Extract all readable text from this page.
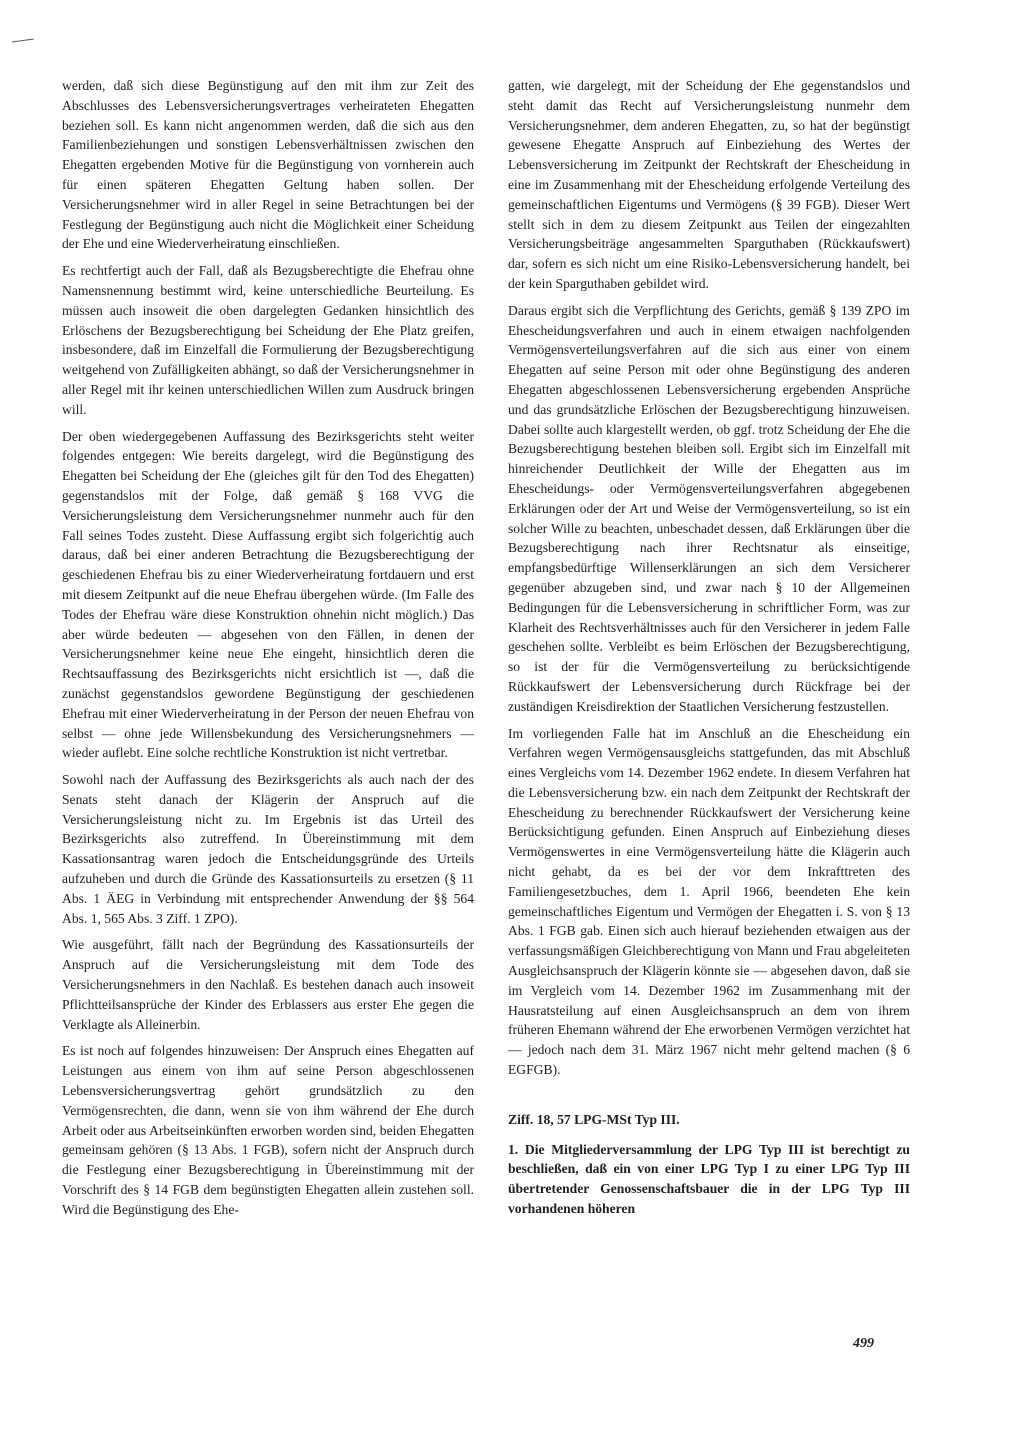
werden, daß sich diese Begünstigung auf den mit ihm zur Zeit des Abschlusses des Lebensversicherungsvertrages verheirateten Ehegatten beziehen soll. Es kann nicht angenommen werden, daß die sich aus den Familienbeziehungen und sonstigen Lebensverhältnissen zwischen den Ehegatten ergebenden Motive für die Begünstigung von vornherein auch für einen späteren Ehegatten Geltung haben sollen. Der Versicherungsnehmer wird in aller Regel in seine Betrachtungen bei der Festlegung der Begünstigung auch nicht die Möglichkeit einer Scheidung der Ehe und eine Wiederverheiratung einschließen.

Es rechtfertigt auch der Fall, daß als Bezugsberechtigte die Ehefrau ohne Namensnennung bestimmt wird, keine unterschiedliche Beurteilung. Es müssen auch insoweit die oben dargelegten Gedanken hinsichtlich des Erlöschens der Bezugsberechtigung bei Scheidung der Ehe Platz greifen, insbesondere, daß im Einzelfall die Formulierung der Bezugsberechtigung weitgehend von Zufälligkeiten abhängt, so daß der Versicherungsnehmer in aller Regel mit ihr keinen unterschiedlichen Willen zum Ausdruck bringen will.

Der oben wiedergegebenen Auffassung des Bezirksgerichts steht weiter folgendes entgegen: Wie bereits dargelegt, wird die Begünstigung des Ehegatten bei Scheidung der Ehe (gleiches gilt für den Tod des Ehegatten) gegenstandslos mit der Folge, daß gemäß § 168 VVG die Versicherungsleistung dem Versicherungsnehmer nunmehr auch für den Fall seines Todes zusteht. Diese Auffassung ergibt sich folgerichtig auch daraus, daß bei einer anderen Betrachtung die Bezugsberechtigung der geschiedenen Ehefrau bis zu einer Wiederverheiratung fortdauern und erst mit diesem Zeitpunkt auf die neue Ehefrau übergehen würde. (Im Falle des Todes der Ehefrau wäre diese Konstruktion ohnehin nicht möglich.) Das aber würde bedeuten — abgesehen von den Fällen, in denen der Versicherungsnehmer keine neue Ehe eingeht, hinsichtlich deren die Rechtsauffassung des Bezirksgerichts nicht ersichtlich ist —, daß die zunächst gegenstandslos gewordene Begünstigung der geschiedenen Ehefrau mit einer Wiederverheiratung in der Person der neuen Ehefrau von selbst — ohne jede Willensbekundung des Versicherungsnehmers — wieder auflebt. Eine solche rechtliche Konstruktion ist nicht vertretbar.

Sowohl nach der Auffassung des Bezirksgerichts als auch nach der des Senats steht danach der Klägerin der Anspruch auf die Versicherungsleistung nicht zu. Im Ergebnis ist das Urteil des Bezirksgerichts also zutreffend. In Übereinstimmung mit dem Kassationsantrag waren jedoch die Entscheidungsgründe des Urteils aufzuheben und durch die Gründe des Kassationsurteils zu ersetzen (§ 11 Abs. 1 ÄEG in Verbindung mit entsprechender Anwendung der §§ 564 Abs. 1, 565 Abs. 3 Ziff. 1 ZPO).

Wie ausgeführt, fällt nach der Begründung des Kassationsurteils der Anspruch auf die Versicherungsleistung mit dem Tode des Versicherungsnehmers in den Nachlaß. Es bestehen danach auch insoweit Pflichtteilsansprüche der Kinder des Erblassers aus erster Ehe gegen die Verklagte als Alleinerbin.

Es ist noch auf folgendes hinzuweisen: Der Anspruch eines Ehegatten auf Leistungen aus einem von ihm auf seine Person abgeschlossenen Lebensversicherungsvertrag gehört grundsätzlich zu den Vermögensrechten, die dann, wenn sie von ihm während der Ehe durch Arbeit oder aus Arbeitseinkünften erworben worden sind, beiden Ehegatten gemeinsam gehören (§ 13 Abs. 1 FGB), sofern nicht der Anspruch durch die Festlegung einer Bezugsberechtigung in Übereinstimmung mit der Vorschrift des § 14 FGB dem begünstigten Ehegatten allein zustehen soll. Wird die Begünstigung des Ehe-

gatten, wie dargelegt, mit der Scheidung der Ehe gegenstandslos und steht damit das Recht auf Versicherungsleistung nunmehr dem Versicherungsnehmer, dem anderen Ehegatten, zu, so hat der begünstigt gewesene Ehegatte Anspruch auf Einbeziehung des Wertes der Lebensversicherung im Zeitpunkt der Rechtskraft der Ehescheidung in eine im Zusammenhang mit der Ehescheidung erfolgende Verteilung des gemeinschaftlichen Eigentums und Vermögens (§ 39 FGB). Dieser Wert stellt sich in dem zu diesem Zeitpunkt aus Teilen der eingezahlten Versicherungsbeiträge angesammelten Sparguthaben (Rückkaufswert) dar, sofern es sich nicht um eine Risiko-Lebensversicherung handelt, bei der kein Sparguthaben gebildet wird.

Daraus ergibt sich die Verpflichtung des Gerichts, gemäß § 139 ZPO im Ehescheidungsverfahren und auch in einem etwaigen nachfolgenden Vermögensverteilungsverfahren auf die sich aus einer von einem Ehegatten auf seine Person mit oder ohne Begünstigung des anderen Ehegatten abgeschlossenen Lebensversicherung ergebenden Ansprüche und das grundsätzliche Erlöschen der Bezugsberechtigung hinzuweisen. Dabei sollte auch klargestellt werden, ob ggf. trotz Scheidung der Ehe die Bezugsberechtigung bestehen bleiben soll. Ergibt sich im Einzelfall mit hinreichender Deutlichkeit der Wille der Ehegatten aus im Ehescheidungs- oder Vermögensverteilungsverfahren abgegebenen Erklärungen oder der Art und Weise der Vermögensverteilung, so ist ein solcher Wille zu beachten, unbeschadet dessen, daß Erklärungen über die Bezugsberechtigung nach ihrer Rechtsnatur als einseitige, empfangsbedürftige Willenserklärungen an sich dem Versicherer gegenüber abzugeben sind, und zwar nach § 10 der Allgemeinen Bedingungen für die Lebensversicherung in schriftlicher Form, was zur Klarheit des Rechtsverhältnisses auch für den Versicherer in jedem Falle geschehen sollte. Verbleibt es beim Erlöschen der Bezugsberechtigung, so ist der für die Vermögensverteilung zu berücksichtigende Rückkaufswert der Lebensversicherung durch Rückfrage bei der zuständigen Kreisdirektion der Staatlichen Versicherung festzustellen.

Im vorliegenden Falle hat im Anschluß an die Ehescheidung ein Verfahren wegen Vermögensausgleichs stattgefunden, das mit Abschluß eines Vergleichs vom 14. Dezember 1962 endete. In diesem Verfahren hat die Lebensversicherung bzw. ein nach dem Zeitpunkt der Rechtskraft der Ehescheidung zu berechnender Rückkaufswert der Versicherung keine Berücksichtigung gefunden. Einen Anspruch auf Einbeziehung dieses Vermögenswertes in eine Vermögensverteilung hätte die Klägerin auch nicht gehabt, da es bei der vor dem Inkrafttreten des Familiengesetzbuches, dem 1. April 1966, beendeten Ehe kein gemeinschaftliches Eigentum und Vermögen der Ehegatten i. S. von § 13 Abs. 1 FGB gab. Einen sich auch hierauf beziehenden etwaigen aus der verfassungsmäßigen Gleichberechtigung von Mann und Frau abgeleiteten Ausgleichsanspruch der Klägerin könnte sie — abgesehen davon, daß sie im Vergleich vom 14. Dezember 1962 im Zusammenhang mit der Hausratsteilung auf einen Ausgleichsanspruch an dem von ihrem früheren Ehemann während der Ehe erworbenen Vermögen verzichtet hat — jedoch nach dem 31. März 1967 nicht mehr geltend machen (§ 6 EGFGB).

Ziff. 18, 57 LPG-MSt Typ III.

1. Die Mitgliederversammlung der LPG Typ III ist berechtigt zu beschließen, daß ein von einer LPG Typ I zu einer LPG Typ III übertretender Genossenschaftsbauer die in der LPG Typ III vorhandenen höheren

499
